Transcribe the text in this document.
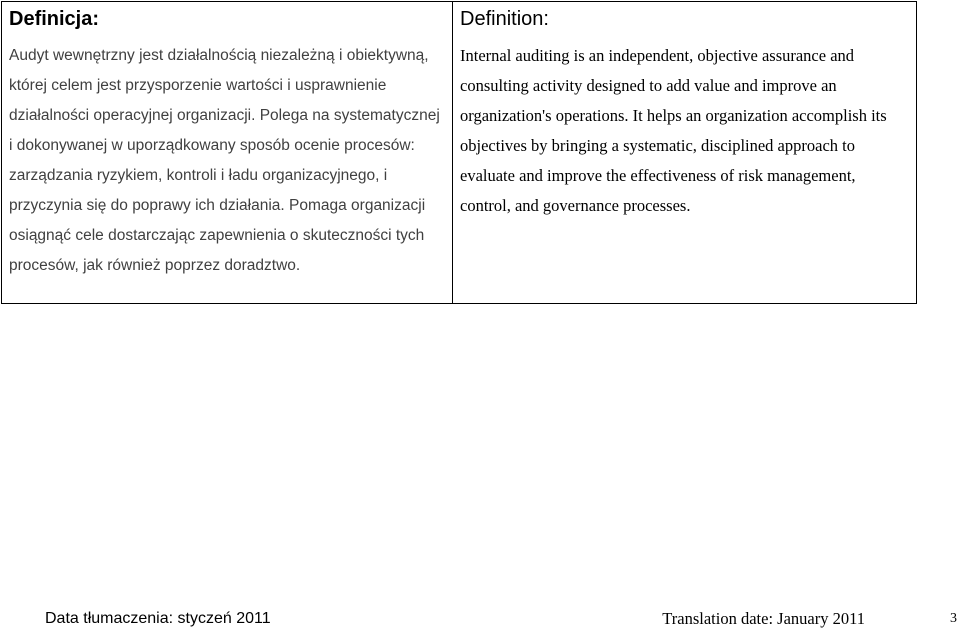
Definicja:

Audyt wewnętrzny jest działalnością niezależną i obiektywną, której celem jest przysporzenie wartości i usprawnienie działalności operacyjnej organizacji. Polega na systematycznej i dokonywanej w uporządkowany sposób ocenie procesów: zarządzania ryzykiem, kontroli i ładu organizacyjnego, i przyczynia się do poprawy ich działania. Pomaga organizacji osiągnąć cele dostarczając zapewnienia o skuteczności tych procesów, jak również poprzez doradztwo.

Definition:

Internal auditing is an independent, objective assurance and consulting activity designed to add value and improve an organization's operations. It helps an organization accomplish its objectives by bringing a systematic, disciplined approach to evaluate and improve the effectiveness of risk management, control, and governance processes.

Data tłumaczenia: styczeń 2011	Translation date: January 2011	3
